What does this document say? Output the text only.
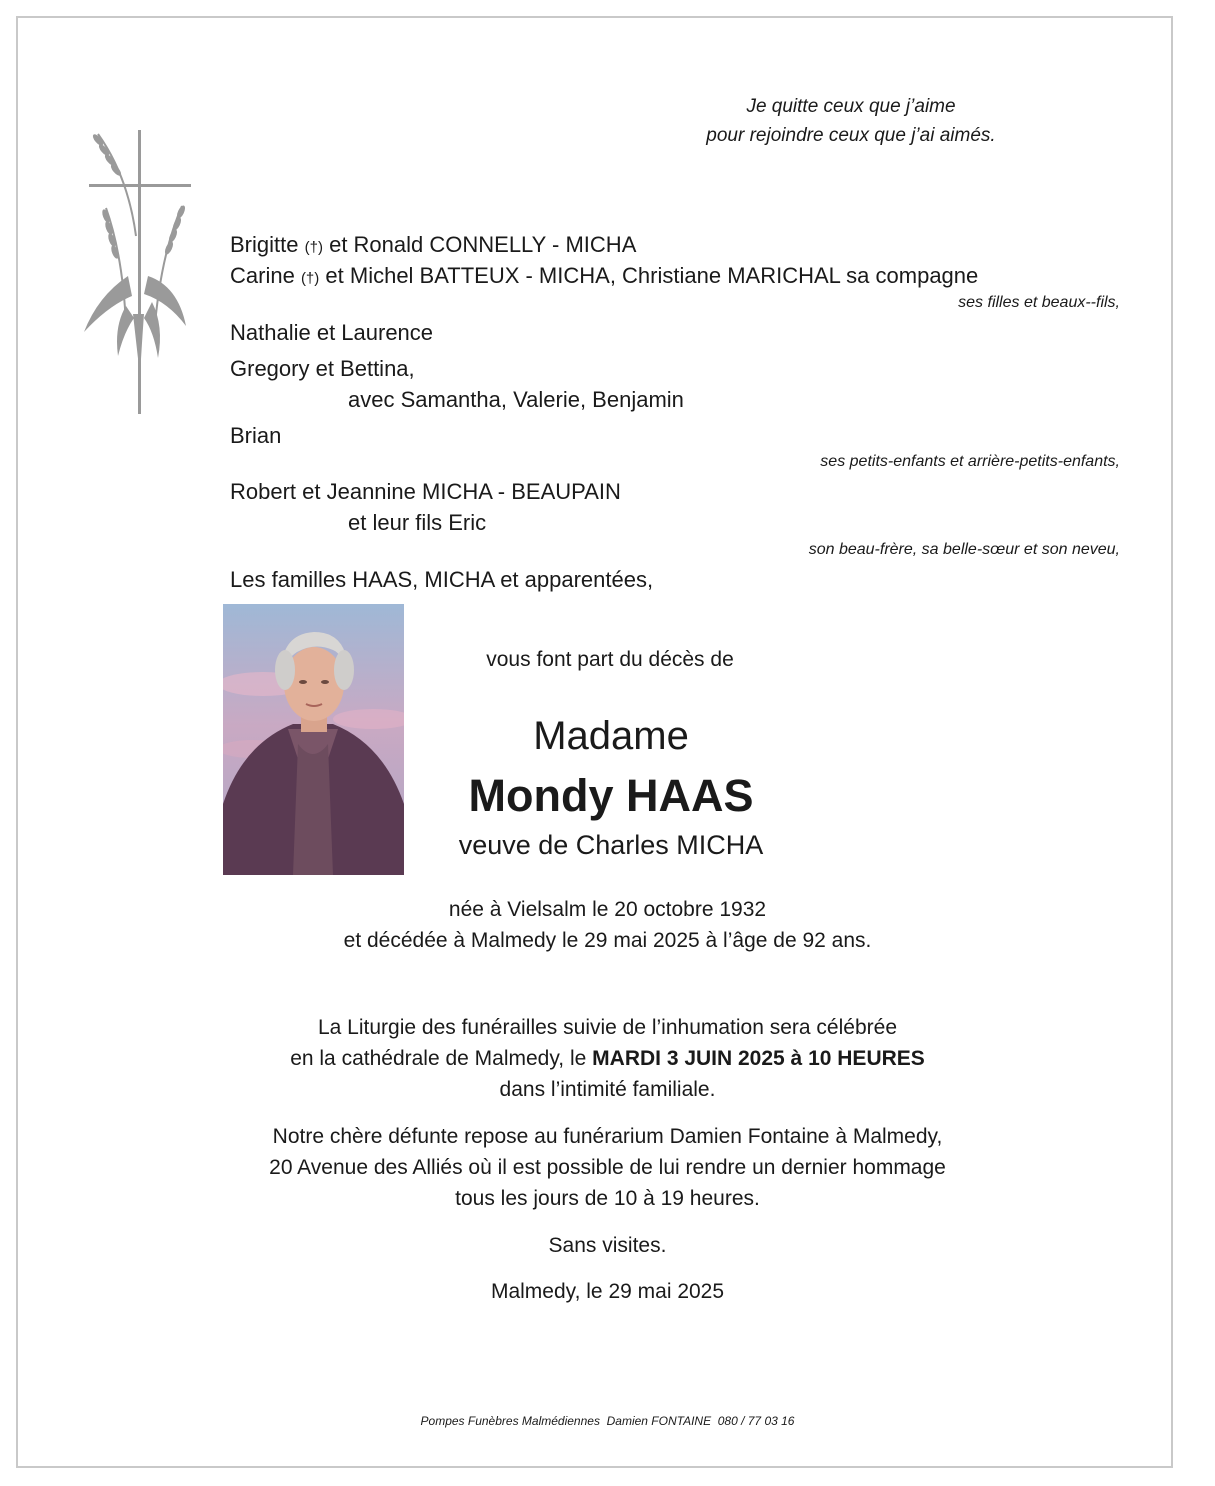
Je quitte ceux que j’aime
pour rejoindre ceux que j’ai aimés.
Brigitte (†) et Ronald CONNELLY - MICHA
Carine (†) et Michel BATTEUX - MICHA, Christiane MARICHAL sa compagne
ses filles et beaux--fils,
Nathalie et Laurence
Gregory et Bettina,
avec Samantha, Valerie, Benjamin
Brian
ses petits-enfants et arrière-petits-enfants,
Robert et Jeannine MICHA - BEAUPAIN
et leur fils Eric
son beau-frère, sa belle-sœur et son neveu,
Les familles HAAS, MICHA et apparentées,
vous font part du décès de
Madame
Mondy HAAS
veuve de Charles MICHA
née à Vielsalm le 20 octobre 1932
et décédée à Malmedy le 29 mai 2025 à l’âge de 92 ans.
La Liturgie des funérailles suivie de l’inhumation sera célébrée
en la cathédrale de Malmedy, le MARDI 3 JUIN 2025 à 10 HEURES
dans l’intimité familiale.
Notre chère défunte repose au funérarium Damien Fontaine à Malmedy,
20 Avenue des Alliés où il est possible de lui rendre un dernier hommage
tous les jours de 10 à 19 heures.
Sans visites.
Malmedy, le 29 mai 2025
Pompes Funèbres Malmédiennes  Damien FONTAINE  080 / 77 03 16
